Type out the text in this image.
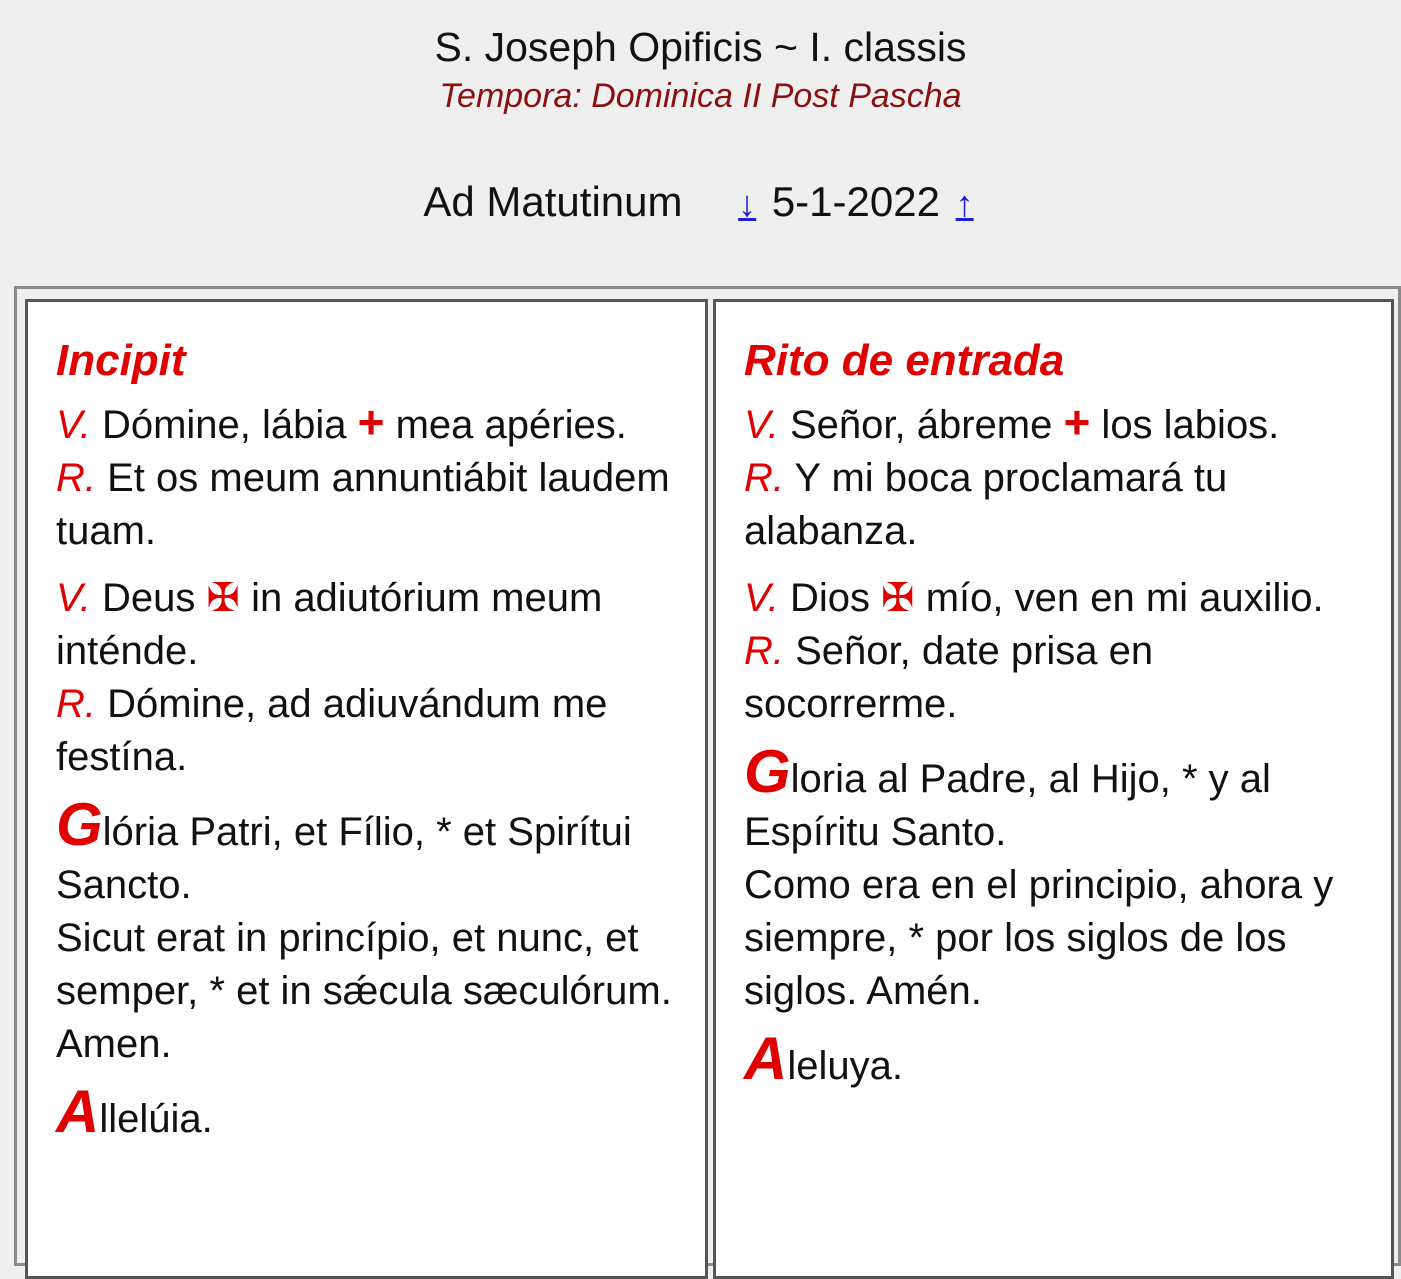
S. Joseph Opificis ~ I. classis
Tempora: Dominica II Post Pascha
Ad Matutinum ↓ 5-1-2022 ↑
Incipit

V. Dómine, lábia + mea apéries.

R. Et os meum annuntiábit laudem tuam.

V. Deus ✠ in adiutórium meum inténde.

R. Dómine, ad adiuvándum me festína.

Glória Patri, et Fílio, * et Spirítui Sancto.

Sicut erat in princípio, et nunc, et semper, * et in sǽcula sæculórum. Amen.

Allelúia.

Rito de entrada

V. Señor, ábreme + los labios.

R. Y mi boca proclamará tu alabanza.

V. Dios ✠ mío, ven en mi auxilio.

R. Señor, date prisa en socorrerme.

Gloria al Padre, al Hijo, * y al Espíritu Santo.

Como era en el principio, ahora y siempre, * por los siglos de los siglos. Amén.

Aleluya.
